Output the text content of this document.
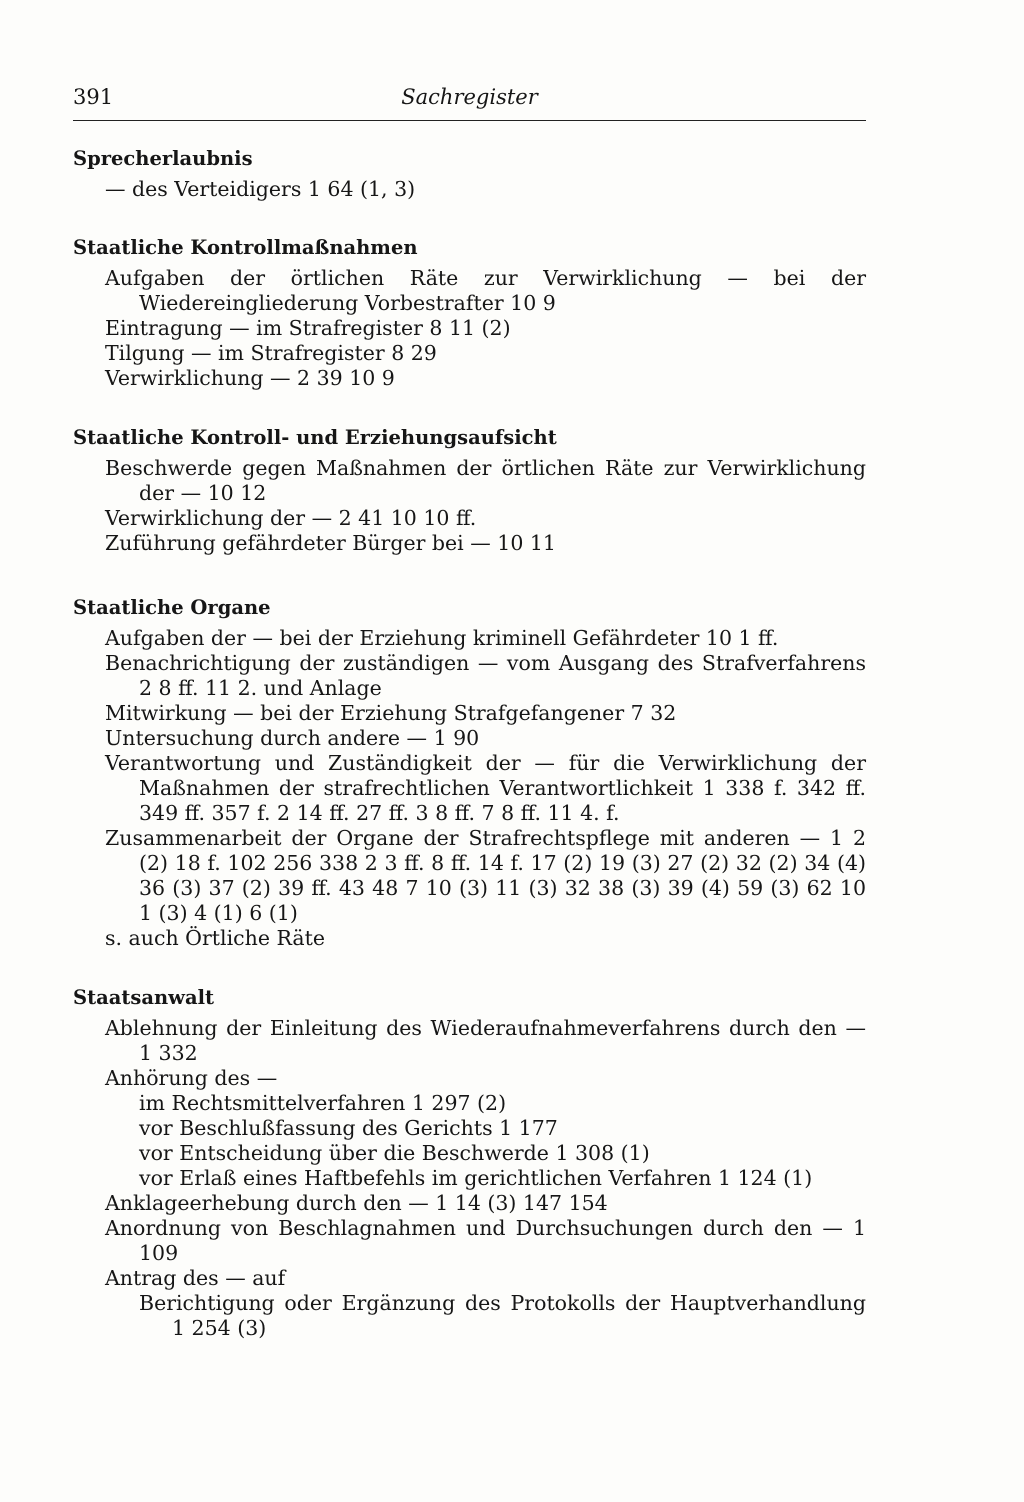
391	Sachregister
Sprecherlaubnis
— des Verteidigers 1 64 (1, 3)
Staatliche Kontrollmaßnahmen
Aufgaben der örtlichen Räte zur Verwirklichung — bei der Wiedereingliederung Vorbestrafter 10 9
Eintragung — im Strafregister 8 11 (2)
Tilgung — im Strafregister 8 29
Verwirklichung — 2 39 10 9
Staatliche Kontroll- und Erziehungsaufsicht
Beschwerde gegen Maßnahmen der örtlichen Räte zur Verwirklichung der — 10 12
Verwirklichung der — 2 41 10 10 ff.
Zuführung gefährdeter Bürger bei — 10 11
Staatliche Organe
Aufgaben der — bei der Erziehung kriminell Gefährdeter 10 1 ff.
Benachrichtigung der zuständigen — vom Ausgang des Strafverfahrens 2 8 ff. 11 2. und Anlage
Mitwirkung — bei der Erziehung Strafgefangener 7 32
Untersuchung durch andere — 1 90
Verantwortung und Zuständigkeit der — für die Verwirklichung der Maßnahmen der strafrechtlichen Verantwortlichkeit 1 338 f. 342 ff. 349 ff. 357 f. 2 14 ff. 27 ff. 3 8 ff. 7 8 ff. 11 4. f.
Zusammenarbeit der Organe der Strafrechtspflege mit anderen — 1 2 (2) 18 f. 102 256 338 2 3 ff. 8 ff. 14 f. 17 (2) 19 (3) 27 (2) 32 (2) 34 (4) 36 (3) 37 (2) 39 ff. 43 48 7 10 (3) 11 (3) 32 38 (3) 39 (4) 59 (3) 62 10 1 (3) 4 (1) 6 (1)
s. auch Örtliche Räte
Staatsanwalt
Ablehnung der Einleitung des Wiederaufnahmeverfahrens durch den — 1 332
Anhörung des —
im Rechtsmittelverfahren 1 297 (2)
vor Beschlußfassung des Gerichts 1 177
vor Entscheidung über die Beschwerde 1 308 (1)
vor Erlaß eines Haftbefehls im gerichtlichen Verfahren 1 124 (1)
Anklageerhebung durch den — 1 14 (3) 147 154
Anordnung von Beschlagnahmen und Durchsuchungen durch den — 1 109
Antrag des — auf
Berichtigung oder Ergänzung des Protokolls der Hauptverhandlung 1 254 (3)
